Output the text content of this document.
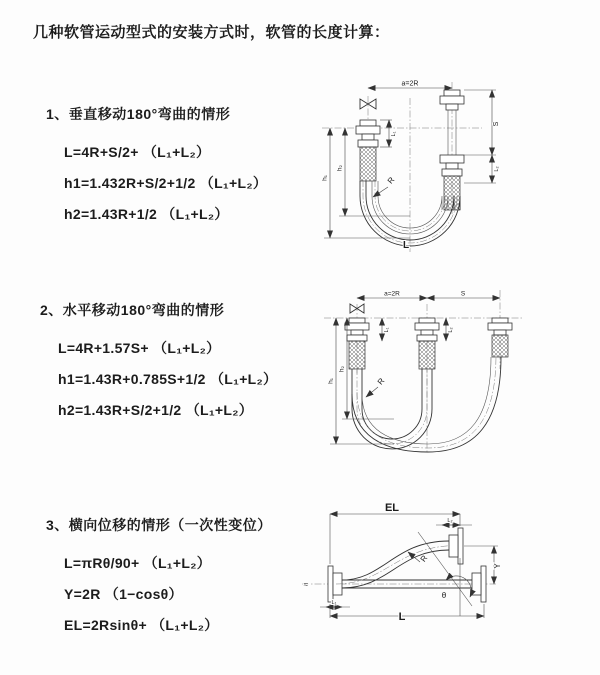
几种软管运动型式的安装方式时，软管的长度计算：
1、垂直移动180°弯曲的情形
L=4R+S/2+ （L₁+L₂）
h1=1.432R+S/2+1/2 （L₁+L₂）
h2=1.43R+1/2 （L₁+L₂）
a=2R
S
L₂
L₁
h₁
h₂
R
L
2、水平移动180°弯曲的情形
L=4R+1.57S+ （L₁+L₂）
h1=1.43R+0.785S+1/2 （L₁+L₂）
h2=1.43R+S/2+1/2 （L₁+L₂）
a=2R	S
h₁
h₂
L₁	L₂
R
3、横向位移的情形（一次性变位）
L=πRθ/90+ （L₁+L₂）
Y=2R （1−cosθ）
EL=2Rsinθ+ （L₁+L₂）
≈
EL
L₂
Y
R
θ
L
L₁
